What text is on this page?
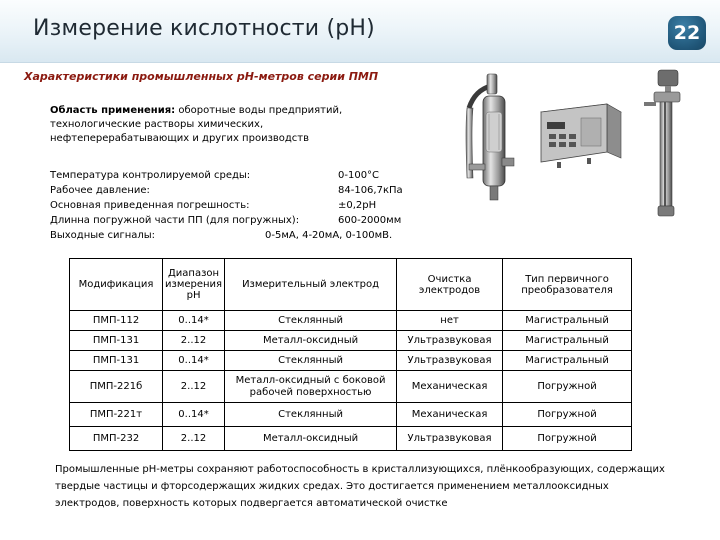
Измерение кислотности (pH)	22
Характеристики промышленных pH-метров серии ПМП
Область применения: оборотные воды предприятий, технологические растворы химических, нефтеперерабатывающих и других производств
Температура контролируемой среды:	0-100°С
Рабочее давление:	84-106,7кПа
Основная приведенная погрешность:	±0,2pH
Длинна погружной части ПП (для погружных):	600-2000мм
Выходные сигналы:	0-5мА, 4-20мА, 0-100мВ.
Модификация	Диапазон измерения pH	Измерительный электрод	Очистка электродов	Тип первичного преобразователя
ПМП-112	0..14*	Стеклянный	нет	Магистральный
ПМП-131	2..12	Металл-оксидный	Ультразвуковая	Магистральный
ПМП-131	0..14*	Стеклянный	Ультразвуковая	Магистральный
ПМП-221б	2..12	Металл-оксидный с боковой рабочей поверхностью	Механическая	Погружной
ПМП-221т	0..14*	Стеклянный	Механическая	Погружной
ПМП-232	2..12	Металл-оксидный	Ультразвуковая	Погружной
Промышленные pH-метры сохраняют работоспособность в кристаллизующихся, плёнкообразующих, содержащих твердые частицы и фторсодержащих жидких средах. Это достигается применением металлооксидных электродов, поверхность которых подвергается автоматической очистке
